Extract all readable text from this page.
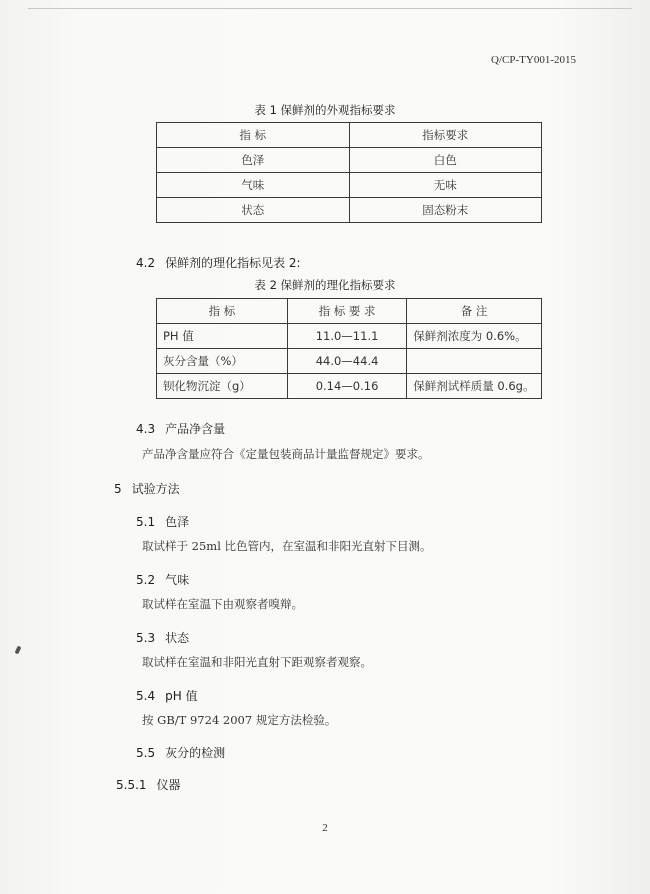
Q/CP-TY001-2015
表 1 保鲜剂的外观指标要求
指 标	指标要求
色泽	白色
气味	无味
状态	固态粉末
4.2 保鲜剂的理化指标见表 2:
表 2 保鲜剂的理化指标要求
指 标	指 标 要 求	备 注
PH 值	11.0—11.1	保鲜剂浓度为 0.6%。
灰分含量（%）	44.0—44.4	
钡化物沉淀（g）	0.14—0.16	保鲜剂试样质量 0.6g。
4.3 产品净含量
产品净含量应符合《定量包装商品计量监督规定》要求。
5 试验方法
5.1 色泽
取试样于 25ml 比色管内，在室温和非阳光直射下目测。
5.2 气味
取试样在室温下由观察者嗅辩。
5.3 状态
取试样在室温和非阳光直射下距观察者观察。
5.4 pH 值
按 GB/T 9724 2007 规定方法检验。
5.5 灰分的检测
5.5.1 仪器
2
